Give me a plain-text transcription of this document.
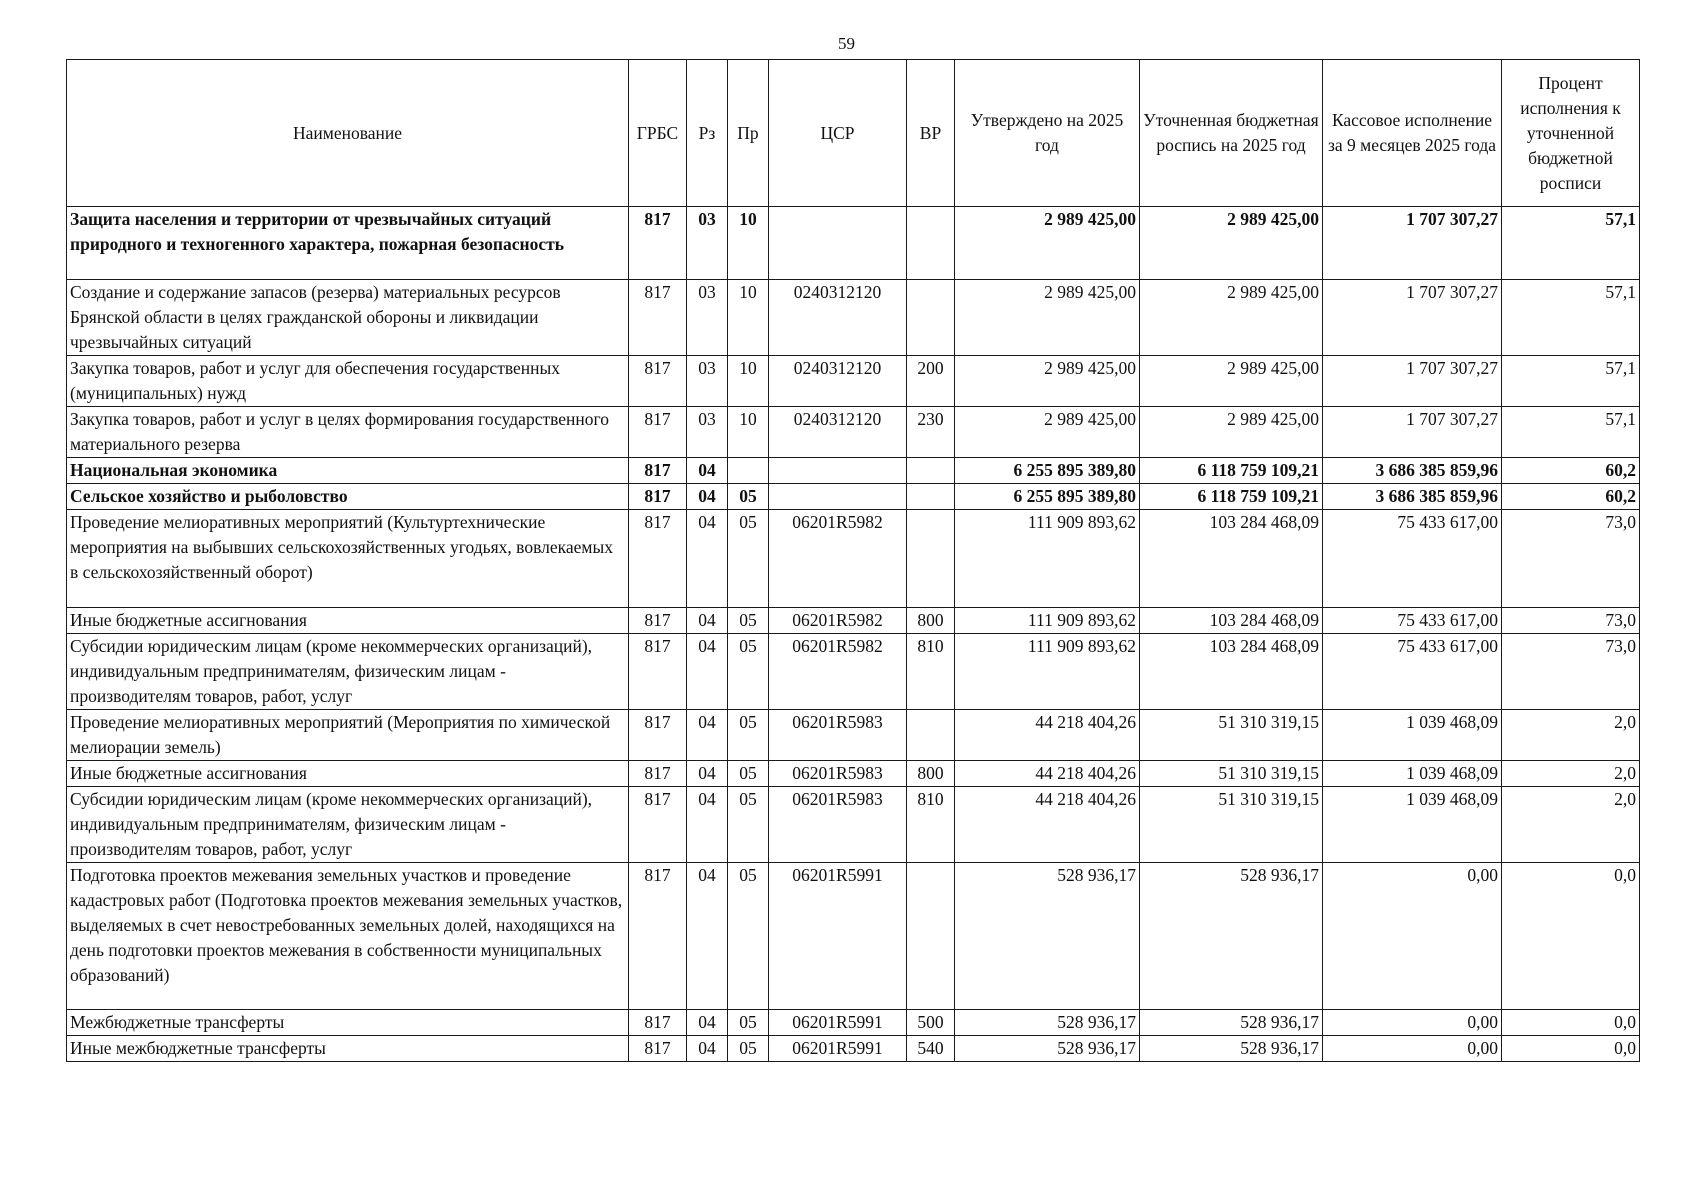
59
Наименование	ГРБС	Рз	Пр	ЦСР	ВР	Утверждено на 2025 год	Уточненная бюджетная роспись на 2025 год	Кассовое исполнение за 9 месяцев 2025 года	Процент исполнения к уточненной бюджетной росписи
Защита населения и территории от чрезвычайных ситуаций природного и техногенного характера, пожарная безопасность	817	03	10			2 989 425,00	2 989 425,00	1 707 307,27	57,1
Создание и содержание запасов (резерва) материальных ресурсов Брянской области в целях гражданской обороны и ликвидации чрезвычайных ситуаций	817	03	10	0240312120		2 989 425,00	2 989 425,00	1 707 307,27	57,1
Закупка товаров, работ и услуг для обеспечения государственных (муниципальных) нужд	817	03	10	0240312120	200	2 989 425,00	2 989 425,00	1 707 307,27	57,1
Закупка товаров, работ и услуг в целях формирования государственного материального резерва	817	03	10	0240312120	230	2 989 425,00	2 989 425,00	1 707 307,27	57,1
Национальная экономика	817	04				6 255 895 389,80	6 118 759 109,21	3 686 385 859,96	60,2
Сельское хозяйство и рыболовство	817	04	05			6 255 895 389,80	6 118 759 109,21	3 686 385 859,96	60,2
Проведение мелиоративных мероприятий (Культуртехнические мероприятия на выбывших сельскохозяйственных угодьях, вовлекаемых в сельскохозяйственный оборот)	817	04	05	06201R5982		111 909 893,62	103 284 468,09	75 433 617,00	73,0
Иные бюджетные ассигнования	817	04	05	06201R5982	800	111 909 893,62	103 284 468,09	75 433 617,00	73,0
Субсидии юридическим лицам (кроме некоммерческих организаций), индивидуальным предпринимателям, физическим лицам - производителям товаров, работ, услуг	817	04	05	06201R5982	810	111 909 893,62	103 284 468,09	75 433 617,00	73,0
Проведение мелиоративных мероприятий (Мероприятия по химической мелиорации земель)	817	04	05	06201R5983		44 218 404,26	51 310 319,15	1 039 468,09	2,0
Иные бюджетные ассигнования	817	04	05	06201R5983	800	44 218 404,26	51 310 319,15	1 039 468,09	2,0
Субсидии юридическим лицам (кроме некоммерческих организаций), индивидуальным предпринимателям, физическим лицам - производителям товаров, работ, услуг	817	04	05	06201R5983	810	44 218 404,26	51 310 319,15	1 039 468,09	2,0
Подготовка проектов межевания земельных участков и проведение кадастровых работ (Подготовка проектов межевания земельных участков, выделяемых в счет невостребованных земельных долей, находящихся на день подготовки проектов межевания в собственности муниципальных образований)	817	04	05	06201R5991		528 936,17	528 936,17	0,00	0,0
Межбюджетные трансферты	817	04	05	06201R5991	500	528 936,17	528 936,17	0,00	0,0
Иные межбюджетные трансферты	817	04	05	06201R5991	540	528 936,17	528 936,17	0,00	0,0
